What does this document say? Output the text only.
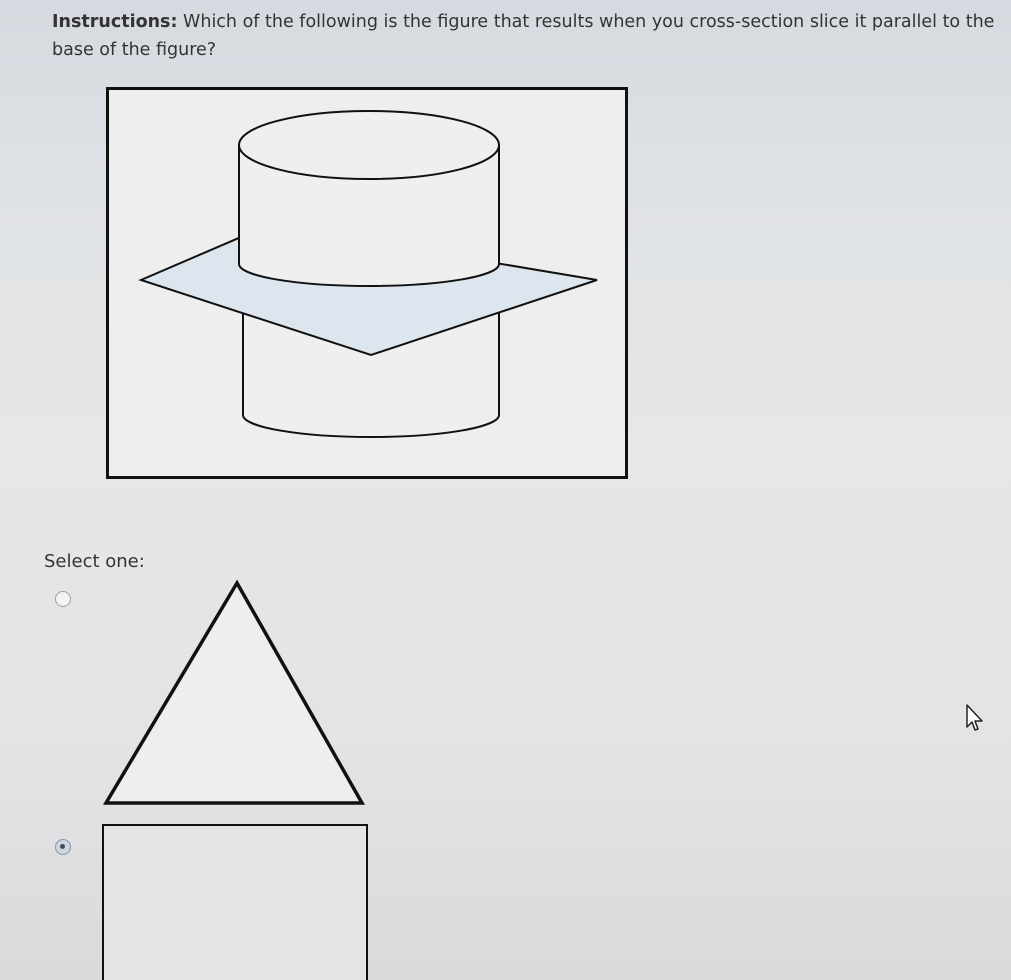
Instructions: Which of the following is the figure that results when you cross-section slice it parallel to the base of the figure?
Select one:
